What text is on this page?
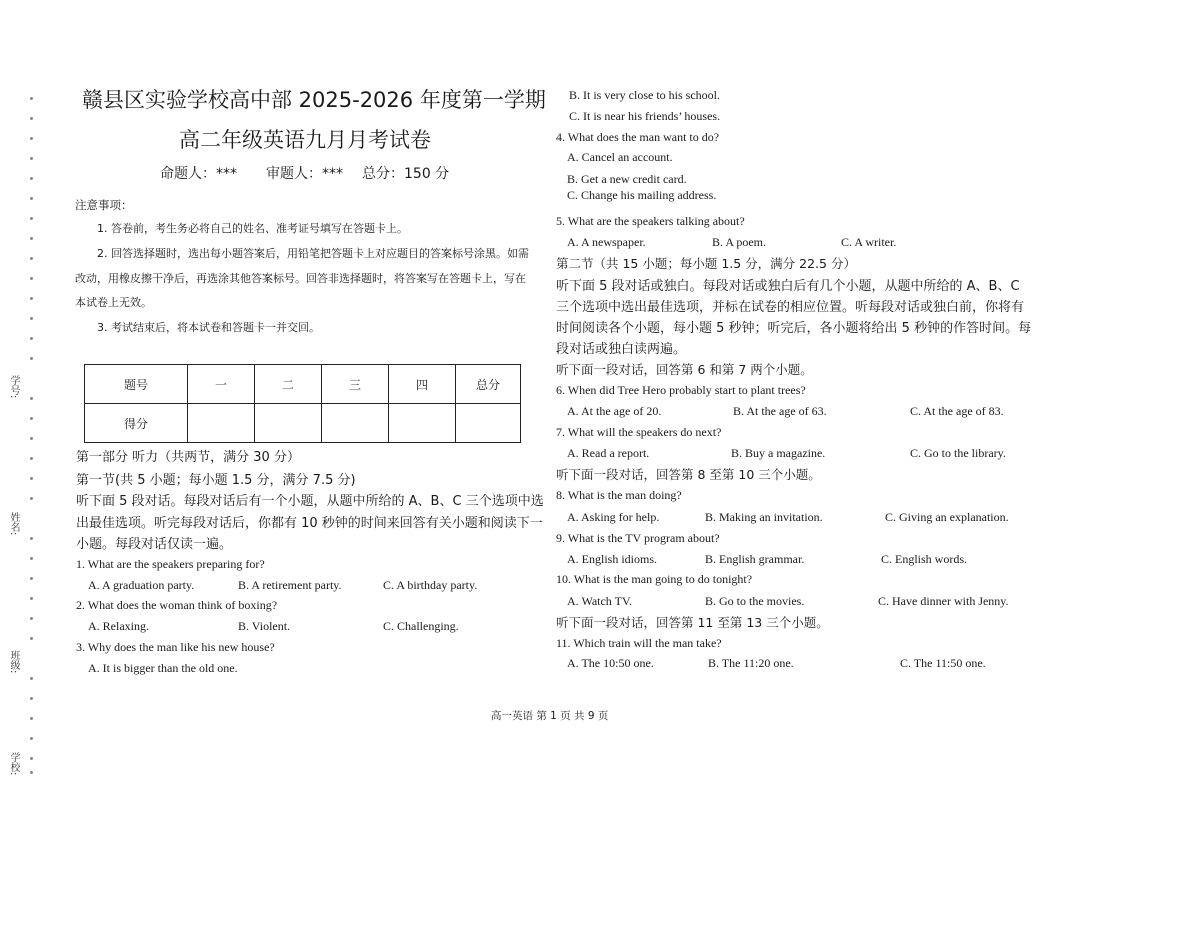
学号:
姓名:
班级:
学校:
赣县区实验学校高中部 2025-2026 年度第一学期
高二年级英语九月月考试卷
命题人：*** 审题人：*** 总分：150 分
注意事项：
1. 答卷前，考生务必将自己的姓名、准考证号填写在答题卡上。
2. 回答选择题时，选出每小题答案后，用铅笔把答题卡上对应题目的答案标号涂黑。如需
改动，用橡皮擦干净后，再选涂其他答案标号。回答非选择题时，将答案写在答题卡上，写在
本试卷上无效。
3. 考试结束后，将本试卷和答题卡一并交回。
题号	一	二	三	四	总分
得分					
第一部分 听力（共两节，满分 30 分）
第一节(共 5 小题；每小题 1.5 分，满分 7.5 分)
听下面 5 段对话。每段对话后有一个小题，从题中所给的 A、B、C 三个选项中选
出最佳选项。听完每段对话后，你都有 10 秒钟的时间来回答有关小题和阅读下一
小题。每段对话仅读一遍。
1. What are the speakers preparing for?
A. A graduation party.	B. A retirement party.	C. A birthday party.
2. What does the woman think of boxing?
A. Relaxing.	B. Violent.	C. Challenging.
3. Why does the man like his new house?
A. It is bigger than the old one.
B. It is very close to his school.
C. It is near his friends’ houses.
4. What does the man want to do?
A. Cancel an account.
B. Get a new credit card.
C. Change his mailing address.
5. What are the speakers talking about?
A. A newspaper.	B. A poem.	C. A writer.
第二节（共 15 小题；每小题 1.5 分，满分 22.5 分）
听下面 5 段对话或独白。每段对话或独白后有几个小题，从题中所给的 A、B、C
三个选项中选出最佳选项，并标在试卷的相应位置。听每段对话或独白前，你将有
时间阅读各个小题，每小题 5 秒钟；听完后，各小题将给出 5 秒钟的作答时间。每
段对话或独白读两遍。
听下面一段对话，回答第 6 和第 7 两个小题。
6. When did Tree Hero probably start to plant trees?
A. At the age of 20.	B. At the age of 63.	C. At the age of 83.
7. What will the speakers do next?
A. Read a report.	B. Buy a magazine.	C. Go to the library.
听下面一段对话，回答第 8 至第 10 三个小题。
8. What is the man doing?
A. Asking for help.	B. Making an invitation.	C. Giving an explanation.
9. What is the TV program about?
A. English idioms.	B. English grammar.	C. English words.
10. What is the man going to do tonight?
A. Watch TV.	B. Go to the movies.	C. Have dinner with Jenny.
听下面一段对话，回答第 11 至第 13 三个小题。
11. Which train will the man take?
A. The 10:50 one.	B. The 11:20 one.	C. The 11:50 one.
高一英语 第 1 页 共 9 页
